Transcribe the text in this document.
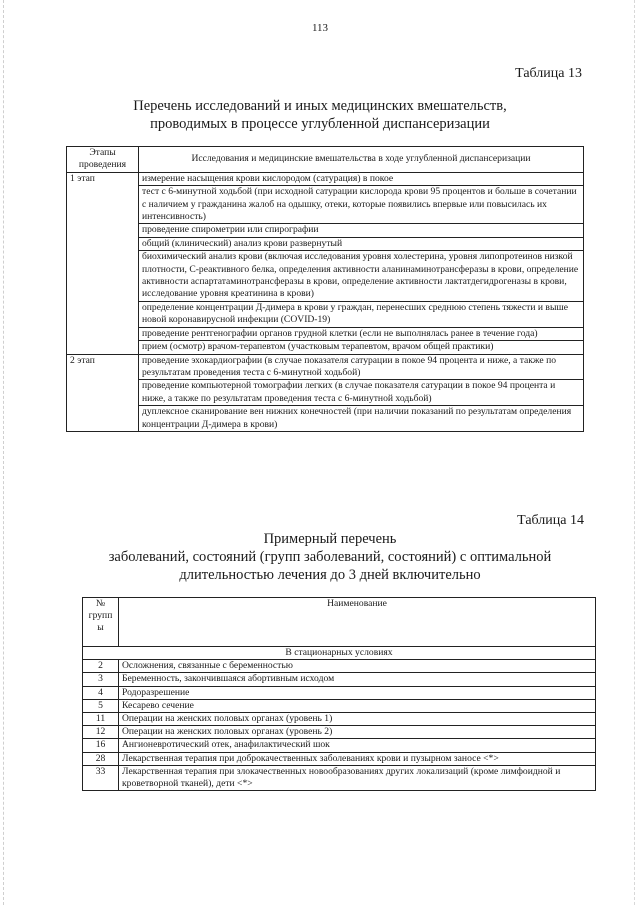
113
Таблица 13
Перечень исследований и иных медицинских вмешательств,
проводимых в процессе углубленной диспансеризации
Этапы проведения	Исследования и медицинские вмешательства в ходе углубленной диспансеризации
1 этап	измерение насыщения крови кислородом (сатурация) в покое
	тест с 6-минутной ходьбой (при исходной сатурации кислорода крови 95 процентов и больше в сочетании с наличием у гражданина жалоб на одышку, отеки, которые появились впервые или повысилась их интенсивность)
	проведение спирометрии или спирографии
	общий (клинический) анализ крови развернутый
	биохимический анализ крови (включая исследования уровня холестерина, уровня липопротеинов низкой плотности, С-реактивного белка, определения активности аланинаминотрансферазы в крови, определение активности аспартатаминотрансферазы в крови, определение активности лактатдегидрогеназы в крови, исследование уровня креатинина в крови)
	определение концентрации Д-димера в крови у граждан, перенесших среднюю степень тяжести и выше новой коронавирусной инфекции (COVID-19)
	проведение рентгенографии органов грудной клетки (если не выполнялась ранее в течение года)
	прием (осмотр) врачом-терапевтом (участковым терапевтом, врачом общей практики)
2 этап	проведение эхокардиографии (в случае показателя сатурации в покое 94 процента и ниже, а также по результатам проведения теста с 6-минутной ходьбой)
	проведение компьютерной томографии легких (в случае показателя сатурации в покое 94 процента и ниже, а также по результатам проведения теста с 6-минутной ходьбой)
	дуплексное сканирование вен нижних конечностей (при наличии показаний по результатам определения концентрации Д-димера в крови)
Таблица 14
Примерный перечень
заболеваний, состояний (групп заболеваний, состояний) с оптимальной
длительностью лечения до 3 дней включительно
№ групп ы	Наименование
В стационарных условиях	
2	Осложнения, связанные с беременностью
3	Беременность, закончившаяся абортивным исходом
4	Родоразрешение
5	Кесарево сечение
11	Операции на женских половых органах (уровень 1)
12	Операции на женских половых органах (уровень 2)
16	Ангионевротический отек, анафилактический шок
28	Лекарственная терапия при доброкачественных заболеваниях крови и пузырном заносе <*>
33	Лекарственная терапия при злокачественных новообразованиях других локализаций (кроме лимфоидной и кроветворной тканей), дети <*>
